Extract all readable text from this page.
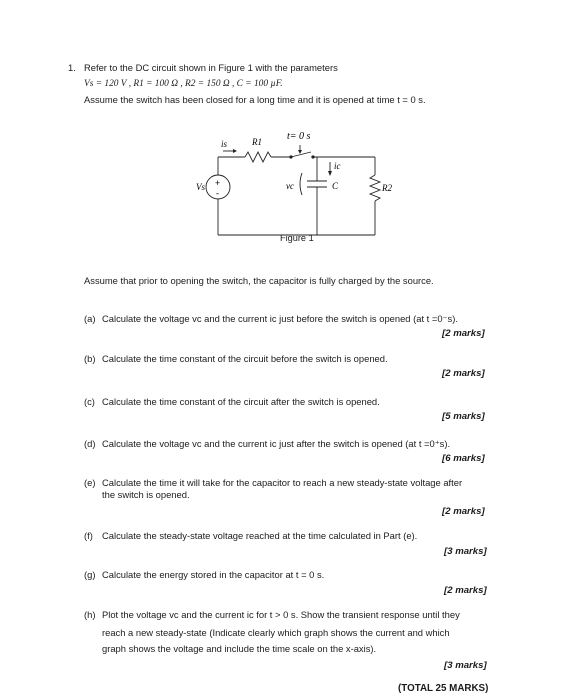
1. Refer to the DC circuit shown in Figure 1 with the parameters
Vs = 120 V , R1 = 100 Ω , R2 = 150 Ω , C = 100 µF.
Assume the switch has been closed for a long time and it is opened at time t = 0 s.
t= 0 s
is	R1
ic
Vs +
-
vc	C	R2
Figure 1
Assume that prior to opening the switch, the capacitor is fully charged by the source.
(a) Calculate the voltage vc and the current ic just before the switch is opened (at t =0⁻s).
[2 marks]
(b) Calculate the time constant of the circuit before the switch is opened.
[2 marks]
(c) Calculate the time constant of the circuit after the switch is opened.
[5 marks]
(d) Calculate the voltage vc and the current ic just after the switch is opened (at t =0⁺s).
[6 marks]
(e) Calculate the time it will take for the capacitor to reach a new steady-state voltage after
the switch is opened.
[2 marks]
(f) Calculate the steady-state voltage reached at the time calculated in Part (e).
[3 marks]
(g) Calculate the energy stored in the capacitor at t = 0 s.
[2 marks]
(h) Plot the voltage vc and the current ic for t > 0 s. Show the transient response until they
reach a new steady-state (Indicate clearly which graph shows the current and which
graph shows the voltage and include the time scale on the x-axis).
[3 marks]
(TOTAL 25 MARKS)
